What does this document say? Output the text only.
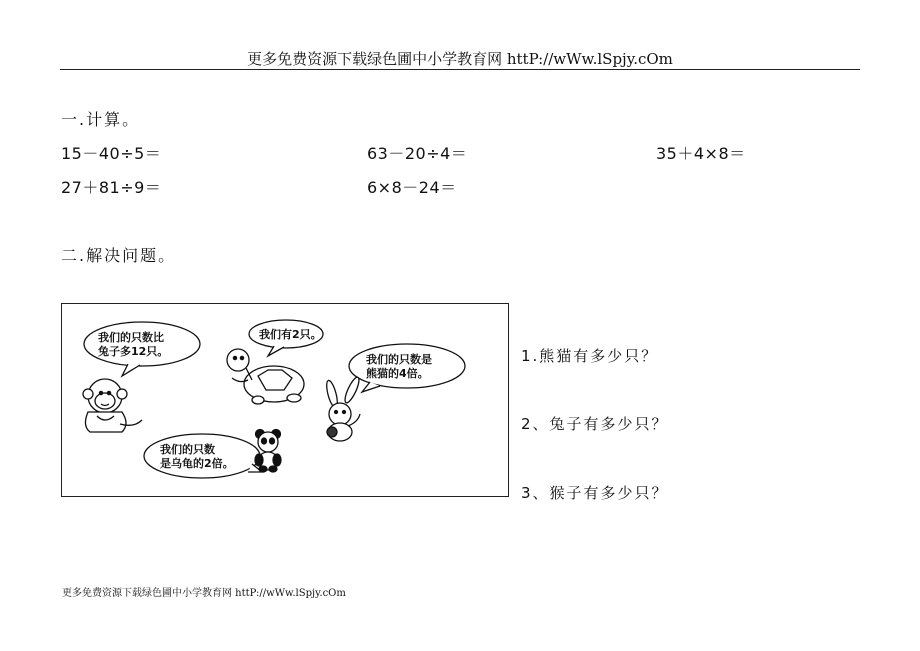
更多免费资源下载绿色圃中小学教育网 httP://wWw.lSpjy.cOm
一.计算。
15－40÷5＝	63－20÷4＝	35＋4×8＝
27＋81÷9＝	6×8－24＝
二.解决问题。
我们的只数比
兔子多12只。
我们有2只。
我们的只数是
熊猫的4倍。
我们的只数
是乌龟的2倍。
1.熊猫有多少只？
2、兔子有多少只？
3、猴子有多少只？
更多免费资源下载绿色圃中小学教育网 httP://wWw.lSpjy.cOm
